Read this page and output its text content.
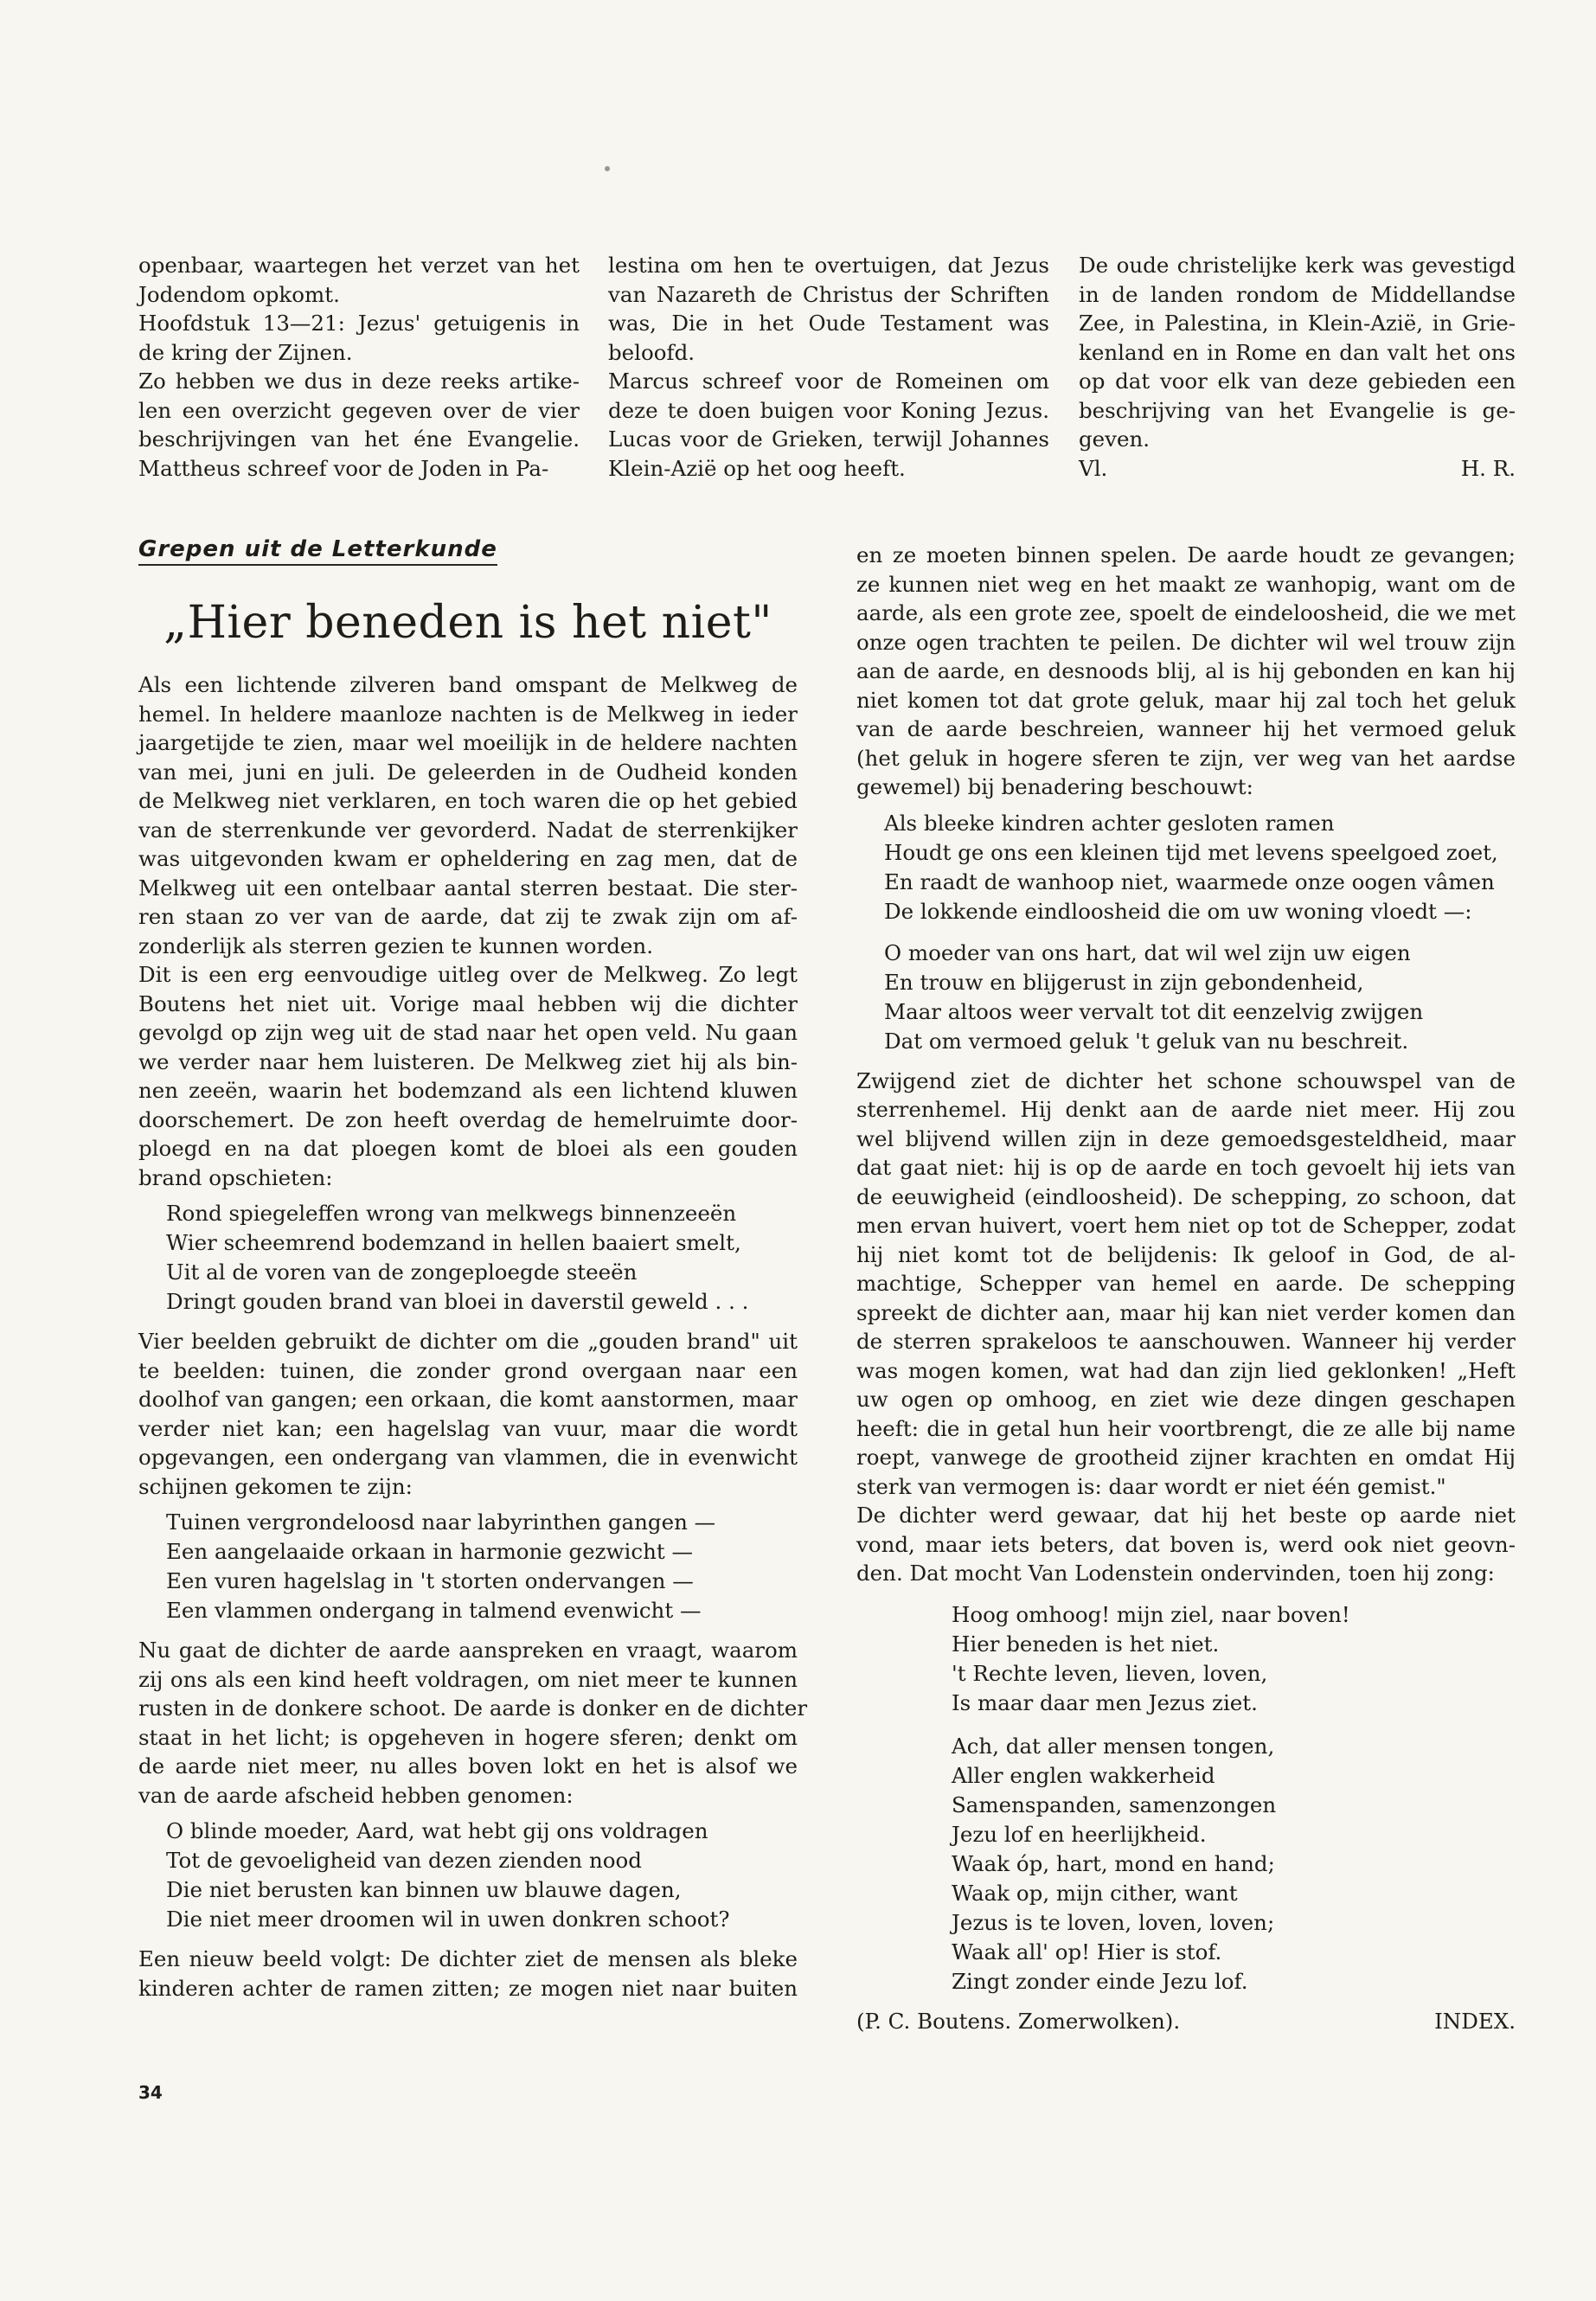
openbaar, waartegen het verzet van het
Jodendom opkomt.
Hoofdstuk 13—21: Jezus' getuigenis in
de kring der Zijnen.
Zo hebben we dus in deze reeks artike-
len een overzicht gegeven over de vier
beschrijvingen van het éne Evangelie.
Mattheus schreef voor de Joden in Pa-
lestina om hen te overtuigen, dat Jezus
van Nazareth de Christus der Schriften
was, Die in het Oude Testament was
beloofd.
Marcus schreef voor de Romeinen om
deze te doen buigen voor Koning Jezus.
Lucas voor de Grieken, terwijl Johannes
Klein-Azië op het oog heeft.
De oude christelijke kerk was gevestigd
in de landen rondom de Middellandse
Zee, in Palestina, in Klein-Azië, in Grie-
kenland en in Rome en dan valt het ons
op dat voor elk van deze gebieden een
beschrijving van het Evangelie is ge-
geven.
Vl.	H. R.
Grepen uit de Letterkunde
„Hier beneden is het niet"

Als een lichtende zilveren band omspant de Melkweg de
hemel. In heldere maanloze nachten is de Melkweg in ieder
jaargetijde te zien, maar wel moeilijk in de heldere nachten
van mei, juni en juli. De geleerden in de Oudheid konden
de Melkweg niet verklaren, en toch waren die op het gebied
van de sterrenkunde ver gevorderd. Nadat de sterrenkijker
was uitgevonden kwam er opheldering en zag men, dat de
Melkweg uit een ontelbaar aantal sterren bestaat. Die ster-
ren staan zo ver van de aarde, dat zij te zwak zijn om af-
zonderlijk als sterren gezien te kunnen worden.
Dit is een erg eenvoudige uitleg over de Melkweg. Zo legt
Boutens het niet uit. Vorige maal hebben wij die dichter
gevolgd op zijn weg uit de stad naar het open veld. Nu gaan
we verder naar hem luisteren. De Melkweg ziet hij als bin-
nen zeeën, waarin het bodemzand als een lichtend kluwen
doorschemert. De zon heeft overdag de hemelruimte door-
ploegd en na dat ploegen komt de bloei als een gouden
brand opschieten:

Rond spiegeleffen wrong van melkwegs binnenzeeën
Wier scheemrend bodemzand in hellen baaiert smelt,
Uit al de voren van de zongeploegde steeën
Dringt gouden brand van bloei in daverstil geweld . . .

Vier beelden gebruikt de dichter om die „gouden brand" uit
te beelden: tuinen, die zonder grond overgaan naar een
doolhof van gangen; een orkaan, die komt aanstormen, maar
verder niet kan; een hagelslag van vuur, maar die wordt
opgevangen, een ondergang van vlammen, die in evenwicht
schijnen gekomen te zijn:

Tuinen vergrondeloosd naar labyrinthen gangen —
Een aangelaaide orkaan in harmonie gezwicht —
Een vuren hagelslag in 't storten ondervangen —
Een vlammen ondergang in talmend evenwicht —

Nu gaat de dichter de aarde aanspreken en vraagt, waarom
zij ons als een kind heeft voldragen, om niet meer te kunnen
rusten in de donkere schoot. De aarde is donker en de dichter
staat in het licht; is opgeheven in hogere sferen; denkt om
de aarde niet meer, nu alles boven lokt en het is alsof we
van de aarde afscheid hebben genomen:

O blinde moeder, Aard, wat hebt gij ons voldragen
Tot de gevoeligheid van dezen zienden nood
Die niet berusten kan binnen uw blauwe dagen,
Die niet meer droomen wil in uwen donkren schoot?

Een nieuw beeld volgt: De dichter ziet de mensen als bleke
kinderen achter de ramen zitten; ze mogen niet naar buiten

en ze moeten binnen spelen. De aarde houdt ze gevangen;
ze kunnen niet weg en het maakt ze wanhopig, want om de
aarde, als een grote zee, spoelt de eindeloosheid, die we met
onze ogen trachten te peilen. De dichter wil wel trouw zijn
aan de aarde, en desnoods blij, al is hij gebonden en kan hij
niet komen tot dat grote geluk, maar hij zal toch het geluk
van de aarde beschreien, wanneer hij het vermoed geluk
(het geluk in hogere sferen te zijn, ver weg van het aardse
gewemel) bij benadering beschouwt:

Als bleeke kindren achter gesloten ramen
Houdt ge ons een kleinen tijd met levens speelgoed zoet,
En raadt de wanhoop niet, waarmede onze oogen vâmen
De lokkende eindloosheid die om uw woning vloedt —:
O moeder van ons hart, dat wil wel zijn uw eigen
En trouw en blijgerust in zijn gebondenheid,
Maar altoos weer vervalt tot dit eenzelvig zwijgen
Dat om vermoed geluk 't geluk van nu beschreit.

Zwijgend ziet de dichter het schone schouwspel van de
sterrenhemel. Hij denkt aan de aarde niet meer. Hij zou
wel blijvend willen zijn in deze gemoedsgesteldheid, maar
dat gaat niet: hij is op de aarde en toch gevoelt hij iets van
de eeuwigheid (eindloosheid). De schepping, zo schoon, dat
men ervan huivert, voert hem niet op tot de Schepper, zodat
hij niet komt tot de belijdenis: Ik geloof in God, de al-
machtige, Schepper van hemel en aarde. De schepping
spreekt de dichter aan, maar hij kan niet verder komen dan
de sterren sprakeloos te aanschouwen. Wanneer hij verder
was mogen komen, wat had dan zijn lied geklonken! „Heft
uw ogen op omhoog, en ziet wie deze dingen geschapen
heeft: die in getal hun heir voortbrengt, die ze alle bij name
roept, vanwege de grootheid zijner krachten en omdat Hij
sterk van vermogen is: daar wordt er niet één gemist."
De dichter werd gewaar, dat hij het beste op aarde niet
vond, maar iets beters, dat boven is, werd ook niet geovn-
den. Dat mocht Van Lodenstein ondervinden, toen hij zong:

Hoog omhoog! mijn ziel, naar boven!
Hier beneden is het niet.
't Rechte leven, lieven, loven,
Is maar daar men Jezus ziet.
Ach, dat aller mensen tongen,
Aller englen wakkerheid
Samenspanden, samenzongen
Jezu lof en heerlijkheid.
Waak óp, hart, mond en hand;
Waak op, mijn cither, want
Jezus is te loven, loven, loven;
Waak all' op! Hier is stof.
Zingt zonder einde Jezu lof.
(P. C. Boutens. Zomerwolken).	INDEX.
34
